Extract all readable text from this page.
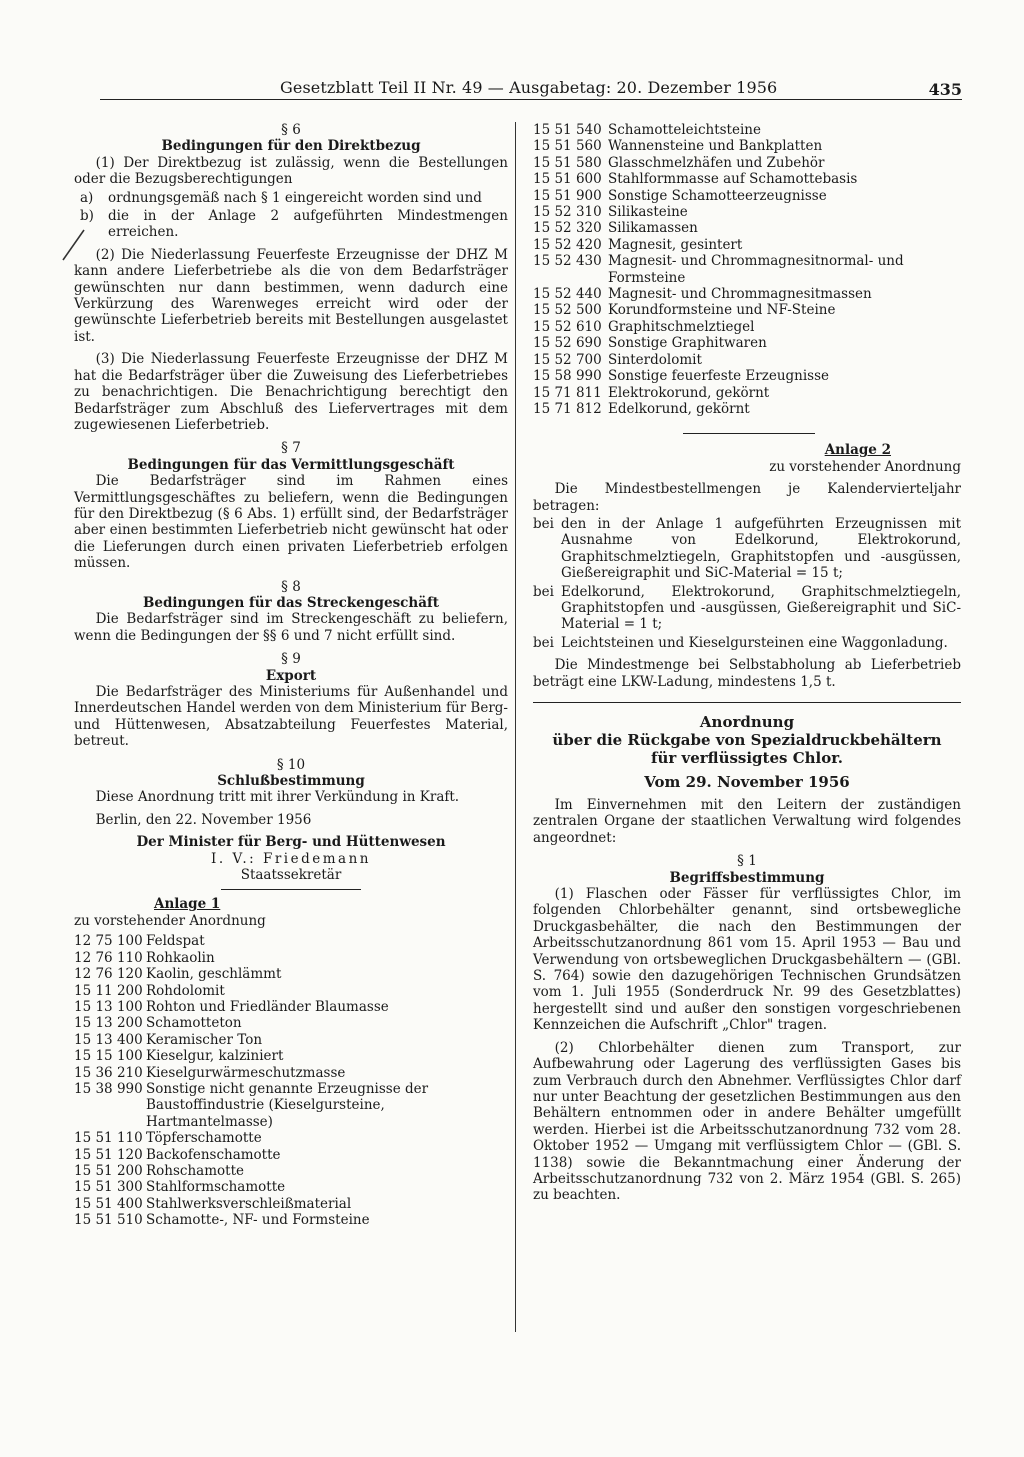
Gesetzblatt Teil II Nr. 49 — Ausgabetag: 20. Dezember 1956	435
§ 6
Bedingungen für den Direktbezug

(1) Der Direktbezug ist zulässig, wenn die Bestellungen oder die Bezugsberechtigungen

a)	ordnungsgemäß nach § 1 eingereicht worden sind und
b)	die in der Anlage 2 aufgeführten Mindestmengen erreichen.

(2) Die Niederlassung Feuerfeste Erzeugnisse der DHZ M kann andere Lieferbetriebe als die von dem Bedarfsträger gewünschten nur dann bestimmen, wenn dadurch eine Verkürzung des Warenweges erreicht wird oder der gewünschte Lieferbetrieb bereits mit Bestellungen ausgelastet ist.

(3) Die Niederlassung Feuerfeste Erzeugnisse der DHZ M hat die Bedarfsträger über die Zuweisung des Lieferbetriebes zu benachrichtigen. Die Benachrichtigung berechtigt den Bedarfsträger zum Abschluß des Liefervertrages mit dem zugewiesenen Lieferbetrieb.

§ 7
Bedingungen für das Vermittlungsgeschäft

Die Bedarfsträger sind im Rahmen eines Vermittlungsgeschäftes zu beliefern, wenn die Bedingungen für den Direktbezug (§ 6 Abs. 1) erfüllt sind, der Bedarfsträger aber einen bestimmten Lieferbetrieb nicht gewünscht hat oder die Lieferungen durch einen privaten Lieferbetrieb erfolgen müssen.

§ 8
Bedingungen für das Streckengeschäft

Die Bedarfsträger sind im Streckengeschäft zu beliefern, wenn die Bedingungen der §§ 6 und 7 nicht erfüllt sind.

§ 9
Export

Die Bedarfsträger des Ministeriums für Außenhandel und Innerdeutschen Handel werden von dem Ministerium für Berg- und Hüttenwesen, Absatzabteilung Feuerfestes Material, betreut.

§ 10
Schlußbestimmung

Diese Anordnung tritt mit ihrer Verkündung in Kraft.

Berlin, den 22. November 1956

Der Minister für Berg- und Hüttenwesen
I. V.: Friedemann
Staatssekretär
Anlage 1
zu vorstehender Anordnung
12 75 100 Feldspat
12 76 110 Rohkaolin
12 76 120 Kaolin, geschlämmt
15 11 200 Rohdolomit
15 13 100 Rohton und Friedländer Blaumasse
15 13 200 Schamotteton
15 13 400 Keramischer Ton
15 15 100 Kieselgur, kalziniert
15 36 210 Kieselgurwärmeschutzmasse
15 38 990 Sonstige nicht genannte Erzeugnisse der Baustoffindustrie (Kieselgursteine, Hartmantelmasse)
15 51 110 Töpferschamotte
15 51 120 Backofenschamotte
15 51 200 Rohschamotte
15 51 300 Stahlformschamotte
15 51 400 Stahlwerksverschleißmaterial
15 51 510 Schamotte-, NF- und Formsteine
15 51 540 Schamotteleichtsteine
15 51 560 Wannensteine und Bankplatten
15 51 580 Glasschmelzhäfen und Zubehör
15 51 600 Stahlformmasse auf Schamottebasis
15 51 900 Sonstige Schamotteerzeugnisse
15 52 310 Silikasteine
15 52 320 Silikamassen
15 52 420 Magnesit, gesintert
15 52 430 Magnesit- und Chrommagnesitnormal- und Formsteine
15 52 440 Magnesit- und Chrommagnesitmassen
15 52 500 Korundformsteine und NF-Steine
15 52 610 Graphitschmelztiegel
15 52 690 Sonstige Graphitwaren
15 52 700 Sinterdolomit
15 58 990 Sonstige feuerfeste Erzeugnisse
15 71 811 Elektrokorund, gekörnt
15 71 812 Edelkorund, gekörnt
Anlage 2
zu vorstehender Anordnung

Die Mindestbestellmengen je Kalendervierteljahr betragen:

bei den in der Anlage 1 aufgeführten Erzeugnissen mit Ausnahme von Edelkorund, Elektrokorund, Graphitschmelztiegeln, Graphitstopfen und -ausgüssen, Gießereigraphit und SiC-Material = 15 t;
bei Edelkorund, Elektrokorund, Graphitschmelztiegeln, Graphitstopfen und -ausgüssen, Gießereigraphit und SiC-Material = 1 t;
bei Leichtsteinen und Kieselgursteinen eine Waggonladung.

Die Mindestmenge bei Selbstabholung ab Lieferbetrieb beträgt eine LKW-Ladung, mindestens 1,5 t.

Anordnung
über die Rückgabe von Spezialdruckbehältern für verflüssigtes Chlor.
Vom 29. November 1956

Im Einvernehmen mit den Leitern der zuständigen zentralen Organe der staatlichen Verwaltung wird folgendes angeordnet:

§ 1
Begriffsbestimmung

(1) Flaschen oder Fässer für verflüssigtes Chlor, im folgenden Chlorbehälter genannt, sind ortsbewegliche Druckgasbehälter, die nach den Bestimmungen der Arbeitsschutzanordnung 861 vom 15. April 1953 — Bau und Verwendung von ortsbeweglichen Druckgasbehältern — (GBl. S. 764) sowie den dazugehörigen Technischen Grundsätzen vom 1. Juli 1955 (Sonderdruck Nr. 99 des Gesetzblattes) hergestellt sind und außer den sonstigen vorgeschriebenen Kennzeichen die Aufschrift „Chlor" tragen.

(2) Chlorbehälter dienen zum Transport, zur Aufbewahrung oder Lagerung des verflüssigten Gases bis zum Verbrauch durch den Abnehmer. Verflüssigtes Chlor darf nur unter Beachtung der gesetzlichen Bestimmungen aus den Behältern entnommen oder in andere Behälter umgefüllt werden. Hierbei ist die Arbeitsschutzanordnung 732 vom 28. Oktober 1952 — Umgang mit verflüssigtem Chlor — (GBl. S. 1138) sowie die Bekanntmachung einer Änderung der Arbeitsschutzanordnung 732 von 2. März 1954 (GBl. S. 265) zu beachten.
